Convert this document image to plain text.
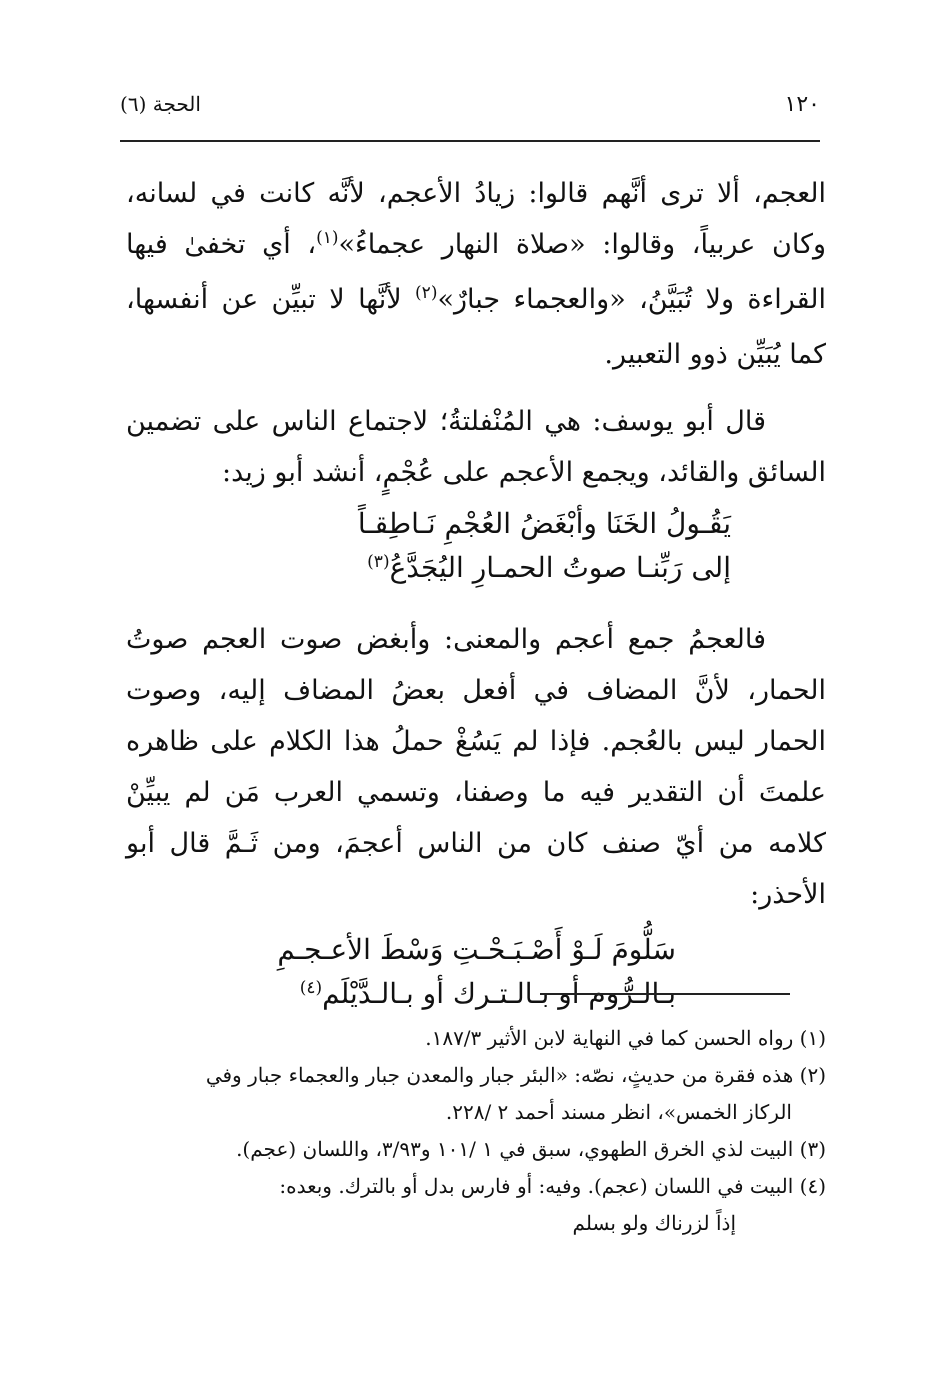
١٢٠
الحجة (٦)

العجم، ألا ترى أنَّهم قالوا: زيادُ الأعجم، لأنَّه كانت في لسانه، وكان عربياً، وقالوا: «صلاة النهار عجماءُ»$^{(١)}$، أي تخفىٰ فيها القراءة ولا تُبَيَّنُ، «والعجماء جبارٌ»$^{(٢)}$ لأنَّها لا تبيِّن عن أنفسها، كما يُبَيِّن ذوو التعبير.

قال أبو يوسف: هي المُنْفلتةُ؛ لاجتماع الناس على تضمين السائق والقائد، ويجمع الأعجم على عُجْمٍ، أنشد أبو زيد:

يَقُـولُ الخَنَا وأبْغَضُ العُجْمِ نَـاطِقـاً
إلى رَبِّنـا صوتُ الحمـارِ اليُجَدَّعُ$^{(٣)}$

فالعجمُ جمع أعجم والمعنى: وأبغض صوت العجم صوتُ الحمار، لأنَّ المضاف في أفعل بعضُ المضاف إليه، وصوت الحمار ليس بالعُجم. فإذا لم يَسُغْ حملُ هذا الكلام على ظاهره علمتَ أن التقدير فيه ما وصفنا، وتسمي العرب مَن لم يبيِّنْ كلامه من أيّ صنف كان من الناس أعجمَ، ومن ثَـمَّ قال أبو الأحذر:

سَلُّومَ لَـوْ أَصْـبَـحْـتِ وَسْطَ الأعـجـمِ
بـالـرُّوم أو بـالـتـرك أو بـالـدَّيْلَم$^{(٤)}$

(١) رواه الحسن كما في النهاية لابن الأثير ١٨٧/٣.

(٢) هذه فقرة من حديثٍ، نصّه: «البئر جبار والمعدن جبار والعجماء جبار وفي

الركاز الخمس»، انظر مسند أحمد ٢ /٢٢٨.

(٣) البيت لذي الخرق الطهوي، سبق في ١ /١٠١ و٣/٩٣، واللسان (عجم).

(٤) البيت في اللسان (عجم). وفيه: أو فارس بدل أو بالترك. وبعده:

إذاً لزرناك ولو بسلم
